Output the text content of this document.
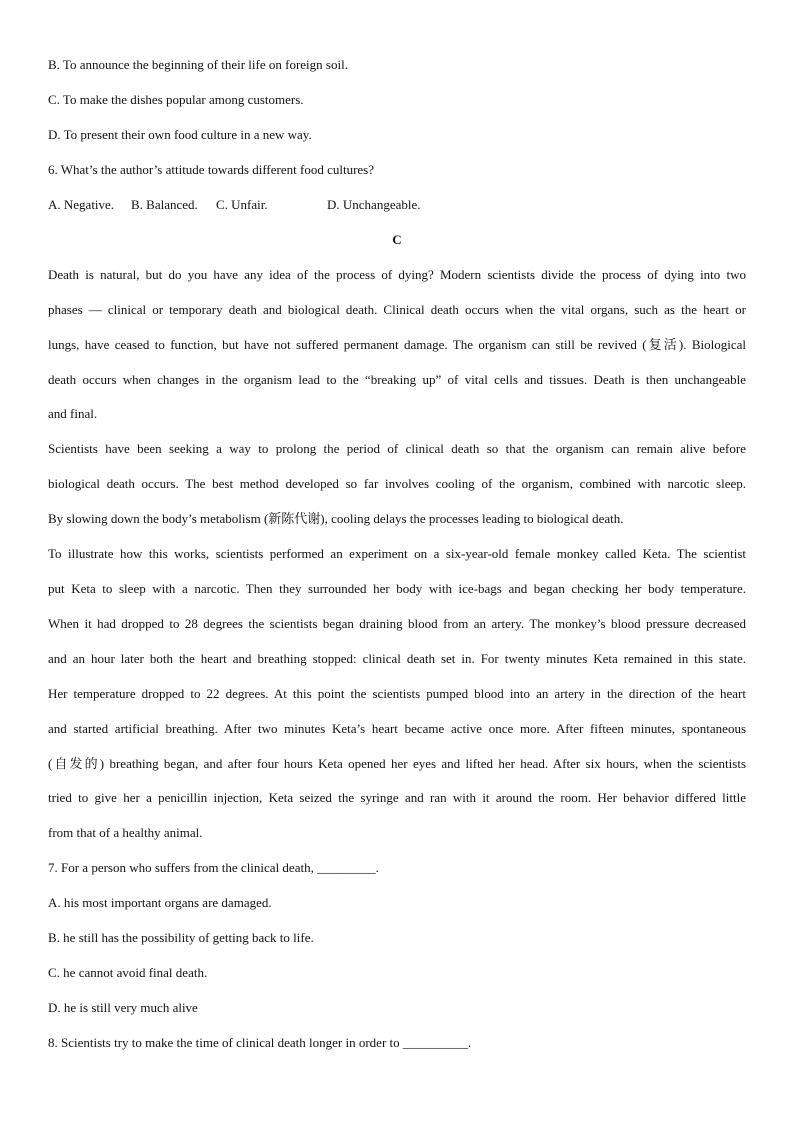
B. To announce the beginning of their life on foreign soil.
C. To make the dishes popular among customers.
D. To present their own food culture in a new way.
6. What’s the author’s attitude towards different food cultures?
A. Negative. B. Balanced. C. Unfair.	D. Unchangeable.
C
Death is natural, but do you have any idea of the process of dying? Modern scientists divide the process of dying into two
phases — clinical or temporary death and biological death. Clinical death occurs when the vital organs, such as the heart or
lungs, have ceased to function, but have not suffered permanent damage. The organism can still be revived (复活). Biological
death occurs when changes in the organism lead to the “breaking up” of vital cells and tissues. Death is then unchangeable
and final.
Scientists have been seeking a way to prolong the period of clinical death so that the organism can remain alive before
biological death occurs. The best method developed so far involves cooling of the organism, combined with narcotic sleep.
By slowing down the body’s metabolism (新陈代谢), cooling delays the processes leading to biological death.
To illustrate how this works, scientists performed an experiment on a six-year-old female monkey called Keta. The scientist
put Keta to sleep with a narcotic. Then they surrounded her body with ice-bags and began checking her body temperature.
When it had dropped to 28 degrees the scientists began draining blood from an artery. The monkey’s blood pressure decreased
and an hour later both the heart and breathing stopped: clinical death set in. For twenty minutes Keta remained in this state.
Her temperature dropped to 22 degrees. At this point the scientists pumped blood into an artery in the direction of the heart
and started artificial breathing. After two minutes Keta’s heart became active once more. After fifteen minutes, spontaneous
(自发的) breathing began, and after four hours Keta opened her eyes and lifted her head. After six hours, when the scientists
tried to give her a penicillin injection, Keta seized the syringe and ran with it around the room. Her behavior differed little
from that of a healthy animal.
7. For a person who suffers from the clinical death, _________.
A. his most important organs are damaged.
B. he still has the possibility of getting back to life.
C. he cannot avoid final death.
D. he is still very much alive
8. Scientists try to make the time of clinical death longer in order to __________.
